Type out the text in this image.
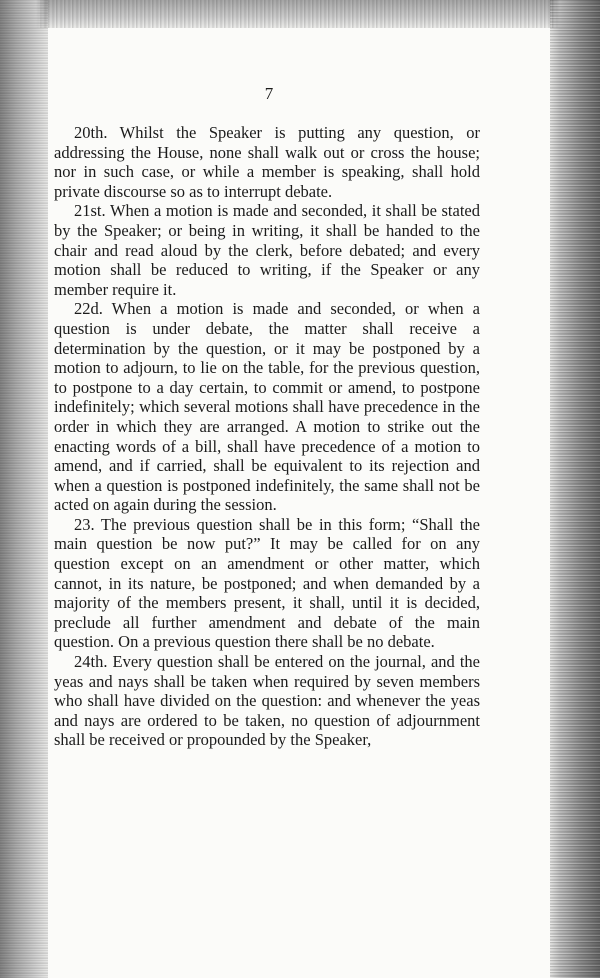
7

20th. Whilst the Speaker is putting any question, or addressing the House, none shall walk out or cross the house; nor in such case, or while a member is speaking, shall hold private discourse so as to interrupt debate.

21st. When a motion is made and seconded, it shall be stated by the Speaker; or being in writing, it shall be handed to the chair and read aloud by the clerk, before debated; and every motion shall be reduced to writing, if the Speaker or any member require it.

22d. When a motion is made and seconded, or when a question is under debate, the matter shall receive a determination by the question, or it may be postponed by a motion to adjourn, to lie on the table, for the previous question, to postpone to a day certain, to commit or amend, to postpone indefinitely; which several motions shall have precedence in the order in which they are arranged. A motion to strike out the enacting words of a bill, shall have precedence of a motion to amend, and if carried, shall be equivalent to its rejection and when a question is postponed indefinitely, the same shall not be acted on again during the session.

23. The previous question shall be in this form; “Shall the main question be now put?” It may be called for on any question except on an amendment or other matter, which cannot, in its nature, be postponed; and when demanded by a majority of the members present, it shall, until it is decided, preclude all further amendment and debate of the main question. On a previous question there shall be no debate.

24th. Every question shall be entered on the journal, and the yeas and nays shall be taken when required by seven members who shall have divided on the question: and whenever the yeas and nays are ordered to be taken, no question of adjournment shall be received or propounded by the Speaker,
